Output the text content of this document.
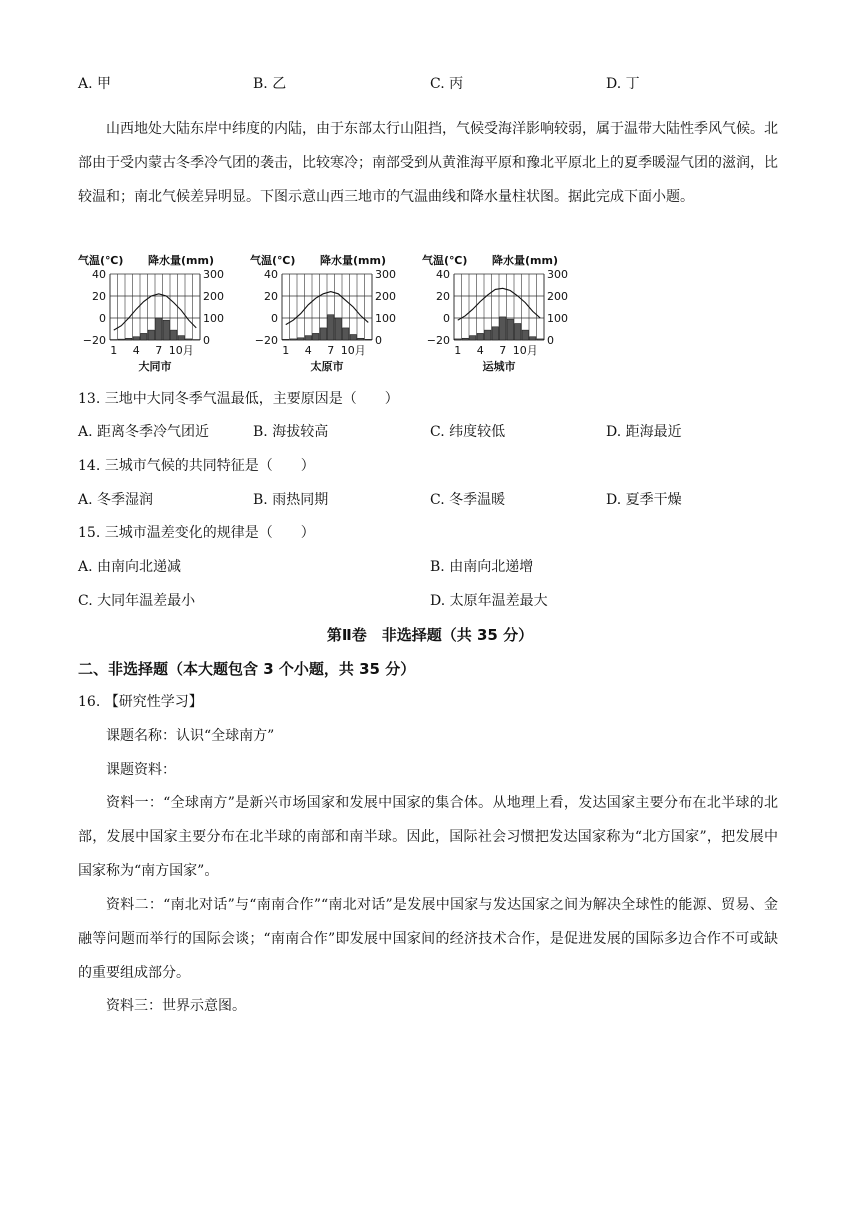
A. 甲	B. 乙	C. 丙	D. 丁
山西地处大陆东岸中纬度的内陆，由于东部太行山阻挡，气候受海洋影响较弱，属于温带大陆性季风气候。北部由于受内蒙古冬季冷气团的袭击，比较寒冷；南部受到从黄淮海平原和豫北平原北上的夏季暖湿气团的滋润，比较温和；南北气候差异明显。下图示意山西三地市的气温曲线和降水量柱状图。据此完成下面小题。
气温(℃) 降水量(mm)
40
20
0
−20
300
200
100
0
1 4 7 10月
大同市
气温(℃) 降水量(mm)
40
20
0
−20
300
200
100
0
1 4 7 10月
太原市
气温(℃) 降水量(mm)
40
20
0
−20
300
200
100
0
1 4 7 10月
运城市
13. 三地中大同冬季气温最低，主要原因是（　　）
A. 距离冬季冷气团近	B. 海拔较高	C. 纬度较低	D. 距海最近
14. 三城市气候的共同特征是（　　）
A. 冬季湿润	B. 雨热同期	C. 冬季温暖	D. 夏季干燥
15. 三城市温差变化的规律是（　　）
A. 由南向北递减	B. 由南向北递增
C. 大同年温差最小	D. 太原年温差最大
第Ⅱ卷　非选择题（共 35 分）
二、非选择题（本大题包含 3 个小题，共 35 分）
16. 【研究性学习】
课题名称：认识“全球南方”
课题资料：
资料一：“全球南方”是新兴市场国家和发展中国家的集合体。从地理上看，发达国家主要分布在北半球的北部，发展中国家主要分布在北半球的南部和南半球。因此，国际社会习惯把发达国家称为“北方国家”，把发展中国家称为“南方国家”。
资料二：“南北对话”与“南南合作”“南北对话”是发展中国家与发达国家之间为解决全球性的能源、贸易、金融等问题而举行的国际会谈；“南南合作”即发展中国家间的经济技术合作，是促进发展的国际多边合作不可或缺的重要组成部分。
资料三：世界示意图。
